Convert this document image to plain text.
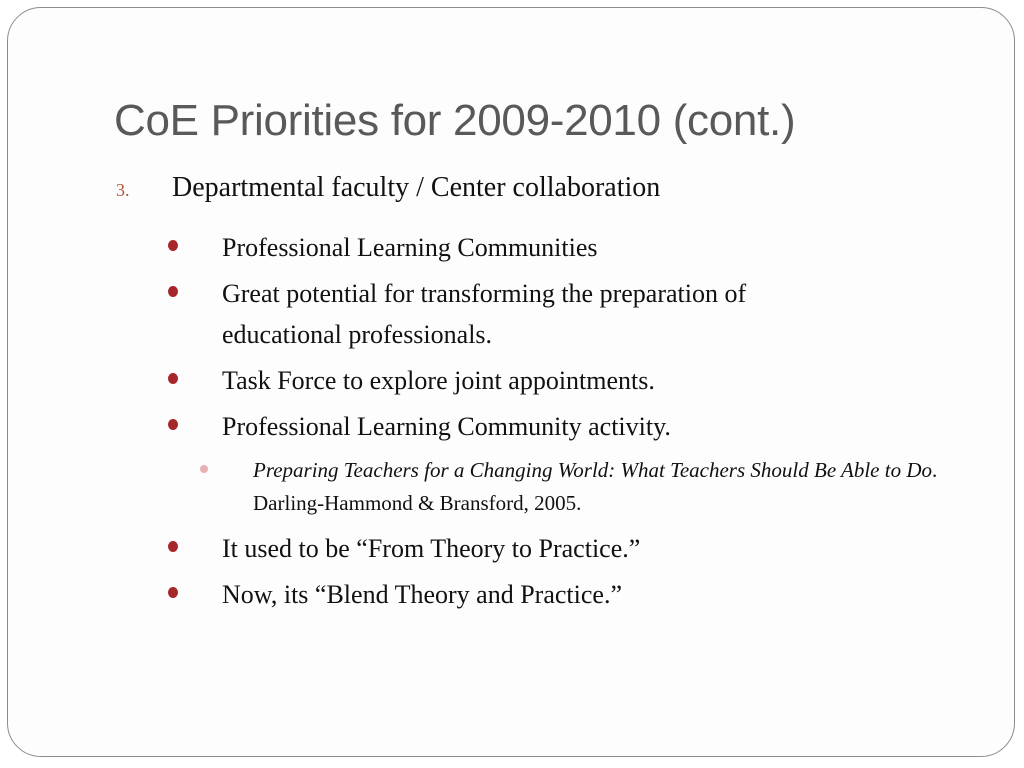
CoE Priorities for 2009-2010 (cont.)
3. Departmental faculty / Center collaboration
Professional Learning Communities
Great potential for transforming the preparation of educational professionals.
Task Force to explore joint appointments.
Professional Learning Community activity.
Preparing Teachers for a Changing World: What Teachers Should Be Able to Do. Darling-Hammond & Bransford, 2005.
It used to be “From Theory to Practice.”
Now, its “Blend Theory and Practice.”
